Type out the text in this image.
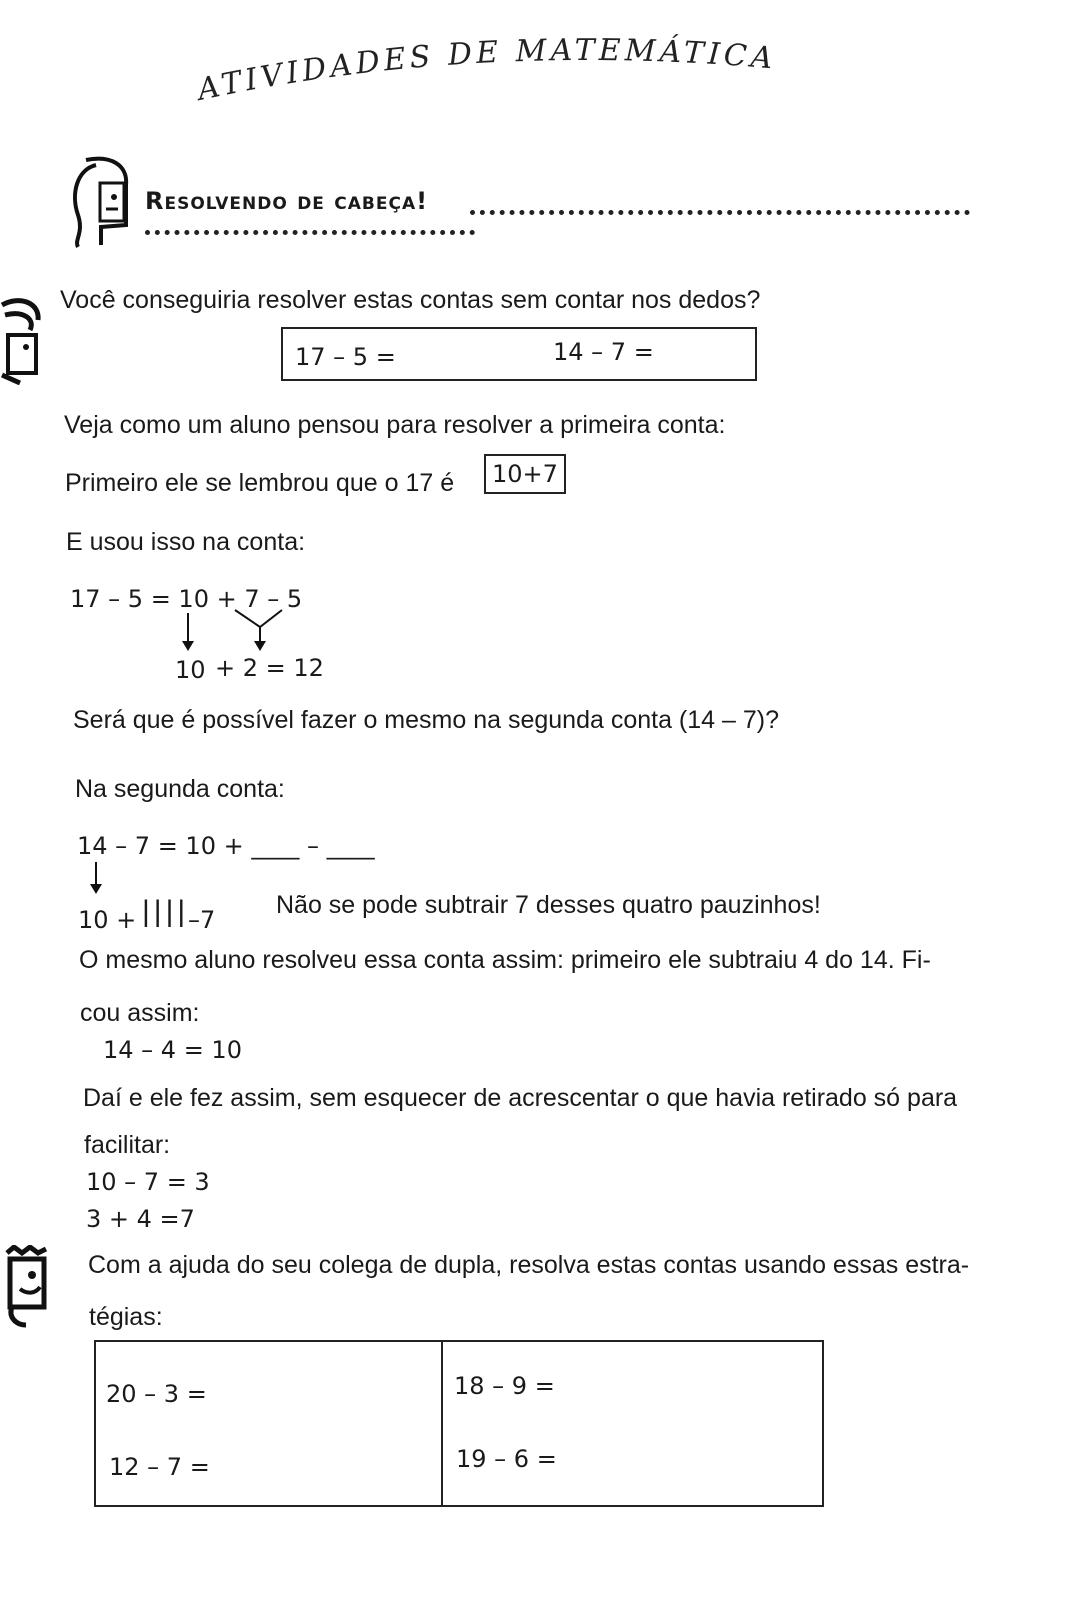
ATIVIDADES DE MATEMÁTICA
Resolvendo de cabeça!
Você conseguiria resolver estas contas sem contar nos dedos?
17 – 5 =	14 – 7 =
Veja como um aluno pensou para resolver a primeira conta:
Primeiro ele se lembrou que o 17 é	10+7
E usou isso na conta:
17 – 5 = 10 + 7 – 5
10 + 2 = 12
Será que é possível fazer o mesmo na segunda conta (14 – 7)?
Na segunda conta:
14 – 7 = 10 + ____ – ____
10 + ||||
–7
Não se pode subtrair 7 desses quatro pauzinhos!
O mesmo aluno resolveu essa conta assim: primeiro ele subtraiu 4 do 14. Fi-
cou assim:
14 – 4 = 10
Daí e ele fez assim, sem esquecer de acrescentar o que havia retirado só para
facilitar:
10 – 7 = 3
3 + 4 =7
Com a ajuda do seu colega de dupla, resolva estas contas usando essas estra-
tégias:
20 – 3 =	18 – 9 =
12 – 7 =	19 – 6 =
